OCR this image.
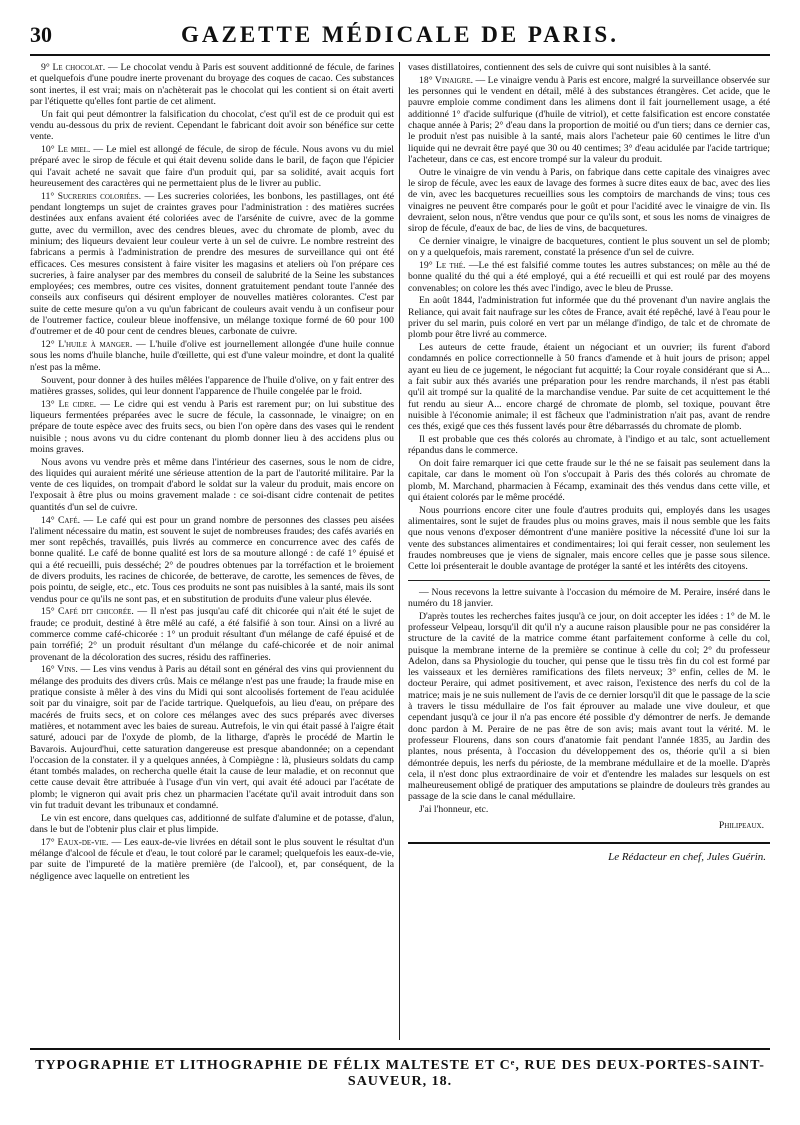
30	GAZETTE MÉDICALE DE PARIS.

9° Le chocolat. — Le chocolat vendu à Paris est souvent additionné de fécule, de farines et quelquefois d'une poudre inerte provenant du broyage des coques de cacao. Ces substances sont inertes, il est vrai; mais on n'achèterait pas le chocolat qui les contient si on était averti par l'étiquette qu'elles font partie de cet aliment.

Un fait qui peut démontrer la falsification du chocolat, c'est qu'il est de ce produit qui est vendu au-dessous du prix de revient. Cependant le fabricant doit avoir son bénéfice sur cette vente.

10° Le miel. — Le miel est allongé de fécule, de sirop de fécule. Nous avons vu du miel préparé avec le sirop de fécule et qui était devenu solide dans le baril, de façon que l'épicier qui l'avait acheté ne savait que faire d'un produit qui, par sa solidité, avait acquis fort heureusement des caractères qui ne permettaient plus de le livrer au public.

11° Sucreries coloriées. — Les sucreries coloriées, les bonbons, les pastillages, ont été pendant longtemps un sujet de craintes graves pour l'administration : des matières sucrées destinées aux enfans avaient été coloriées avec de l'arsénite de cuivre, avec de la gomme gutte, avec du vermillon, avec des cendres bleues, avec du chromate de plomb, avec du minium; des liqueurs devaient leur couleur verte à un sel de cuivre. Le nombre restreint des fabricans a permis à l'administration de prendre des mesures de surveillance qui ont été efficaces. Ces mesures consistent à faire visiter les magasins et ateliers où l'on prépare ces sucreries, à faire analyser par des membres du conseil de salubrité de la Seine les substances employées; ces membres, outre ces visites, donnent gratuitement pendant toute l'année des conseils aux confiseurs qui désirent employer de nouvelles matières colorantes. C'est par suite de cette mesure qu'on a vu qu'un fabricant de couleurs avait vendu à un confiseur pour de l'outremer factice, couleur bleue inoffensive, un mélange toxique formé de 60 pour 100 d'outremer et de 40 pour cent de cendres bleues, carbonate de cuivre.

12° L'huile à manger. — L'huile d'olive est journellement allongée d'une huile connue sous les noms d'huile blanche, huile d'œillette, qui est d'une valeur moindre, et dont la qualité n'est pas la même.

Souvent, pour donner à des huiles mêlées l'apparence de l'huile d'olive, on y fait entrer des matières grasses, solides, qui leur donnent l'apparence de l'huile congelée par le froid.

13° Le cidre. — Le cidre qui est vendu à Paris est rarement pur; on lui substitue des liqueurs fermentées préparées avec le sucre de fécule, la cassonnade, le vinaigre; on en prépare de toute espèce avec des fruits secs, ou bien l'on opère dans des vases qui le rendent nuisible ; nous avons vu du cidre contenant du plomb donner lieu à des accidens plus ou moins graves.

Nous avons vu vendre près et même dans l'intérieur des casernes, sous le nom de cidre, des liquides qui auraient mérité une sérieuse attention de la part de l'autorité militaire. Par la vente de ces liquides, on trompait d'abord le soldat sur la valeur du produit, mais encore on l'exposait à être plus ou moins gravement malade : ce soi-disant cidre contenait de petites quantités d'un sel de cuivre.

14° Café. — Le café qui est pour un grand nombre de personnes des classes peu aisées l'aliment nécessaire du matin, est souvent le sujet de nombreuses fraudes; des cafés avariés en mer sont repêchés, travaillés, puis livrés au commerce en concurrence avec des cafés de bonne qualité. Le café de bonne qualité est lors de sa mouture allongé : de café 1° épuisé et qui a été recueilli, puis desséché; 2° de poudres obtenues par la torréfaction et le broiement de divers produits, les racines de chicorée, de betterave, de carotte, les semences de fèves, de pois pointu, de seigle, etc., etc. Tous ces produits ne sont pas nuisibles à la santé, mais ils sont vendus pour ce qu'ils ne sont pas, et en substitution de produits d'une valeur plus élevée.

15° Café dit chicorée. — Il n'est pas jusqu'au café dit chicorée qui n'ait été le sujet de fraude; ce produit, destiné à être mêlé au café, a été falsifié à son tour. Ainsi on a livré au commerce comme café-chicorée : 1° un produit résultant d'un mélange de café épuisé et de pain torréfié; 2° un produit résultant d'un mélange du café-chicorée et de noir animal provenant de la décoloration des sucres, résidu des raffineries.

16° Vins. — Les vins vendus à Paris au détail sont en général des vins qui proviennent du mélange des produits des divers crûs. Mais ce mélange n'est pas une fraude; la fraude mise en pratique consiste à mêler à des vins du Midi qui sont alcoolisés fortement de l'eau acidulée soit par du vinaigre, soit par de l'acide tartrique. Quelquefois, au lieu d'eau, on prépare des macérés de fruits secs, et on colore ces mélanges avec des sucs préparés avec diverses matières, et notamment avec les baies de sureau. Autrefois, le vin qui était passé à l'aigre était saturé, adouci par de l'oxyde de plomb, de la litharge, d'après le procédé de Martin le Bavarois. Aujourd'hui, cette saturation dangereuse est presque abandonnée; on a cependant l'occasion de la constater. il y a quelques années, à Compiègne : là, plusieurs soldats du camp étant tombés malades, on rechercha quelle était la cause de leur maladie, et on reconnut que cette cause devait être attribuée à l'usage d'un vin vert, qui avait été adouci par l'acétate de plomb; le vigneron qui avait pris chez un pharmacien l'acétate qu'il avait introduit dans son vin fut traduit devant les tribunaux et condamné.

Le vin est encore, dans quelques cas, additionné de sulfate d'alumine et de potasse, d'alun, dans le but de l'obtenir plus clair et plus limpide.

17° Eaux-de-vie. — Les eaux-de-vie livrées en détail sont le plus souvent le résultat d'un mélange d'alcool de fécule et d'eau, le tout coloré par le caramel; quelquefois les eaux-de-vie, par suite de l'impureté de la matière première (de l'alcool), et, par conséquent, de la négligence avec laquelle on entretient les

vases distillatoires, contiennent des sels de cuivre qui sont nuisibles à la santé.

18° Vinaigre. — Le vinaigre vendu à Paris est encore, malgré la surveillance observée sur les personnes qui le vendent en détail, mêlé à des substances étrangères. Cet acide, que le pauvre emploie comme condiment dans les alimens dont il fait journellement usage, a été additionné 1° d'acide sulfurique (d'huile de vitriol), et cette falsification est encore constatée chaque année à Paris; 2° d'eau dans la proportion de moitié ou d'un tiers; dans ce dernier cas, le produit n'est pas nuisible à la santé, mais alors l'acheteur paie 60 centimes le litre d'un liquide qui ne devrait être payé que 30 ou 40 centimes; 3° d'eau acidulée par l'acide tartrique; l'acheteur, dans ce cas, est encore trompé sur la valeur du produit.

Outre le vinaigre de vin vendu à Paris, on fabrique dans cette capitale des vinaigres avec le sirop de fécule, avec les eaux de lavage des formes à sucre dites eaux de bac, avec des lies de vin, avec les bacquetures recueillies sous les comptoirs de marchands de vins; tous ces vinaigres ne peuvent être comparés pour le goût et pour l'acidité avec le vinaigre de vin. Ils devraient, selon nous, n'être vendus que pour ce qu'ils sont, et sous les noms de vinaigres de sirop de fécule, d'eaux de bac, de lies de vins, de bacquetures.

Ce dernier vinaigre, le vinaigre de bacquetures, contient le plus souvent un sel de plomb; on y a quelquefois, mais rarement, constaté la présence d'un sel de cuivre.

19° Le thé. —Le thé est falsifié comme toutes les autres substances; on mêle au thé de bonne qualité du thé qui a été employé, qui a été recueilli et qui est roulé par des moyens convenables; on colore les thés avec l'indigo, avec le bleu de Prusse.

En août 1844, l'administration fut informée que du thé provenant d'un navire anglais the Reliance, qui avait fait naufrage sur les côtes de France, avait été repêché, lavé à l'eau pour le priver du sel marin, puis coloré en vert par un mélange d'indigo, de talc et de chromate de plomb pour être livré au commerce.

Les auteurs de cette fraude, étaient un négociant et un ouvrier; ils furent d'abord condamnés en police correctionnelle à 50 francs d'amende et à huit jours de prison; appel ayant eu lieu de ce jugement, le négociant fut acquitté; la Cour royale considérant que si A... a fait subir aux thés avariés une préparation pour les rendre marchands, il n'est pas établi qu'il ait trompé sur la qualité de la marchandise vendue. Par suite de cet acquittement le thé fut rendu au sieur A... encore chargé de chromate de plomb, sel toxique, pouvant être nuisible à l'économie animale; il est fâcheux que l'administration n'ait pas, avant de rendre ces thés, exigé que ces thés fussent lavés pour être débarrassés du chromate de plomb.

Il est probable que ces thés colorés au chromate, à l'indigo et au talc, sont actuellement répandus dans le commerce.

On doit faire remarquer ici que cette fraude sur le thé ne se faisait pas seulement dans la capitale, car dans le moment où l'on s'occupait à Paris des thés colorés au chromate de plomb, M. Marchand, pharmacien à Fécamp, examinait des thés vendus dans cette ville, et qui étaient colorés par le même procédé.

Nous pourrions encore citer une foule d'autres produits qui, employés dans les usages alimentaires, sont le sujet de fraudes plus ou moins graves, mais il nous semble que les faits que nous venons d'exposer démontrent d'une manière positive la nécessité d'une loi sur la vente des substances alimentaires et condimentaires; loi qui ferait cesser, non seulement les fraudes nombreuses que je viens de signaler, mais encore celles que je passe sous silence. Cette loi présenterait le double avantage de protéger la santé et les intérêts des citoyens.

— Nous recevons la lettre suivante à l'occasion du mémoire de M. Peraire, inséré dans le numéro du 18 janvier.

D'après toutes les recherches faites jusqu'à ce jour, on doit accepter les idées : 1° de M. le professeur Velpeau, lorsqu'il dit qu'il n'y a aucune raison plausible pour ne pas considérer la structure de la cavité de la matrice comme étant parfaitement conforme à celle du col, puisque la membrane interne de la première se continue à celle du col; 2° du professeur Adelon, dans sa Physiologie du toucher, qui pense que le tissu très fin du col est formé par les vaisseaux et les dernières ramifications des filets nerveux; 3° enfin, celles de M. le docteur Peraire, qui admet positivement, et avec raison, l'existence des nerfs du col de la matrice; mais je ne suis nullement de l'avis de ce dernier lorsqu'il dit que le passage de la scie à travers le tissu médullaire de l'os fait éprouver au malade une vive douleur, et que cependant jusqu'à ce jour il n'a pas encore été possible d'y démontrer de nerfs. Je demande donc pardon à M. Peraire de ne pas être de son avis; mais avant tout la vérité. M. le professeur Flourens, dans son cours d'anatomie fait pendant l'année 1835, au Jardin des plantes, nous présenta, à l'occasion du développement des os, théorie qu'il a si bien démontrée depuis, les nerfs du périoste, de la membrane médullaire et de la moelle. D'après cela, il n'est donc plus extraordinaire de voir et d'entendre les malades sur lesquels on est malheureusement obligé de pratiquer des amputations se plaindre de douleurs très grandes au passage de la scie dans le canal médullaire.

J'ai l'honneur, etc.

Philipeaux.
Le Rédacteur en chef, Jules Guérin.
TYPOGRAPHIE ET LITHOGRAPHIE DE FÉLIX MALTESTE ET Cᵉ, RUE DES DEUX-PORTES-SAINT-SAUVEUR, 18.
